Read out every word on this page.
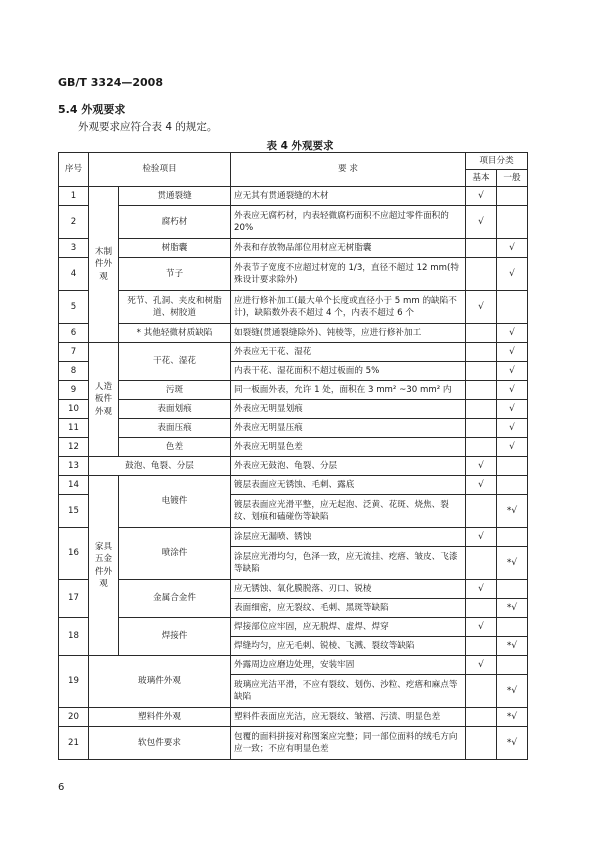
GB/T 3324—2008
5.4 外观要求
外观要求应符合表 4 的规定。
表 4 外观要求
序号	检验项目		要 求	项目分类	
				基本	一般
1	木制件外观	贯通裂缝	应无其有贯通裂缝的木材	√	
2		腐朽材	外表应无腐朽材，内表轻微腐朽面积不应超过零件面积的 20%	√	
3		树脂囊	外表和存放物品部位用材应无树脂囊		√
4		节子	外表节子宽度不应超过材宽的 1/3，直径不超过 12 mm(特殊设计要求除外)		√
5		死节、孔洞、夹皮和树脂道、树胶道	应进行修补加工(最大单个长度或直径小于 5 mm 的缺陷不计)，缺陷数外表不超过 4 个，内表不超过 6 个	√	
6		* 其他轻微材质缺陷	如裂缝(贯通裂缝除外)、钝棱等，应进行修补加工		√
7	人造板件外观	干花、湿花	外表应无干花、湿花		√
8			内表干花、湿花面积不超过板面的 5%		√
9		污斑	同一板面外表，允许 1 处，面积在 3 mm² ~30 mm² 内		√
10		表面划痕	外表应无明显划痕		√
11		表面压痕	外表应无明显压痕		√
12		色差	外表应无明显色差		√
13	鼓泡、龟裂、分层		外表应无鼓泡、龟裂、分层	√	
14	家具五金件外观	电镀件	镀层表面应无锈蚀、毛刺、露底	√	
15			镀层表面应光滑平整，应无起泡、泛黄、花斑、烧焦、裂纹、划痕和磕碰伤等缺陷		*√
16		喷涂件	涂层应无漏喷、锈蚀	√	
			涂层应光滑均匀，色泽一致，应无流挂、疙瘩、皱皮、飞漆等缺陷		*√
17		金属合金件	应无锈蚀、氧化膜脱落、刃口、锐棱	√	
			表面细密，应无裂纹、毛刺、黑斑等缺陷		*√
18		焊接件	焊接部位应牢固，应无脱焊、虚焊、焊穿	√	
			焊缝均匀，应无毛刺、锐棱、飞溅、裂纹等缺陷		*√
19	玻璃件外观		外露周边应磨边处理，安装牢固	√	
			玻璃应光洁平滑，不应有裂纹、划伤、沙粒、疙瘩和麻点等缺陷		*√
20	塑料件外观		塑料件表面应光洁，应无裂纹、皱褶、污渍、明显色差		*√
21	软包件要求		包覆的面料拼接对称图案应完整；同一部位面料的绒毛方向应一致；不应有明显色差		*√
6
